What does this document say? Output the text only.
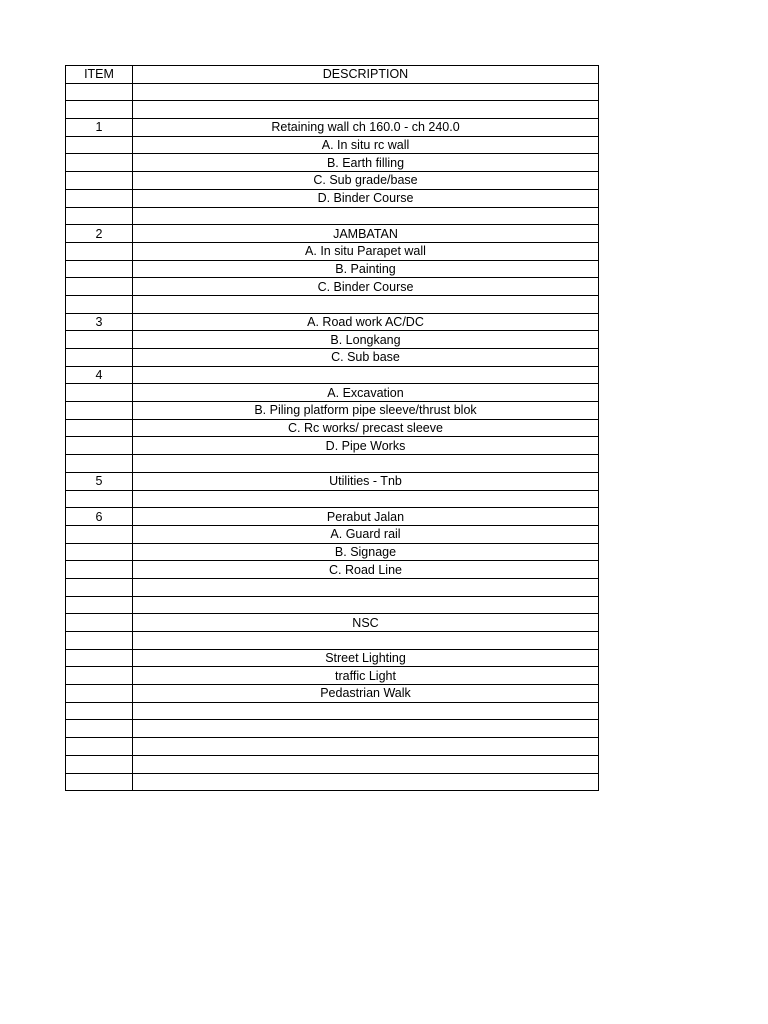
ITEM	DESCRIPTION

1	Retaining wall ch 160.0 - ch 240.0
	A. In situ rc wall
	B. Earth filling
	C. Sub grade/base
	D. Binder Course

2	JAMBATAN
	A. In situ Parapet wall
	B. Painting
	C. Binder Course

3	A. Road work AC/DC
	B. Longkang
	C. Sub base
4	
	A. Excavation
	B. Piling platform pipe sleeve/thrust blok
	C. Rc works/ precast sleeve
	D. Pipe Works

5	Utilities - Tnb

6	Perabut Jalan
	A. Guard rail
	B. Signage
	C. Road Line

	NSC

	Street Lighting
	traffic Light
	Pedastrian Walk
